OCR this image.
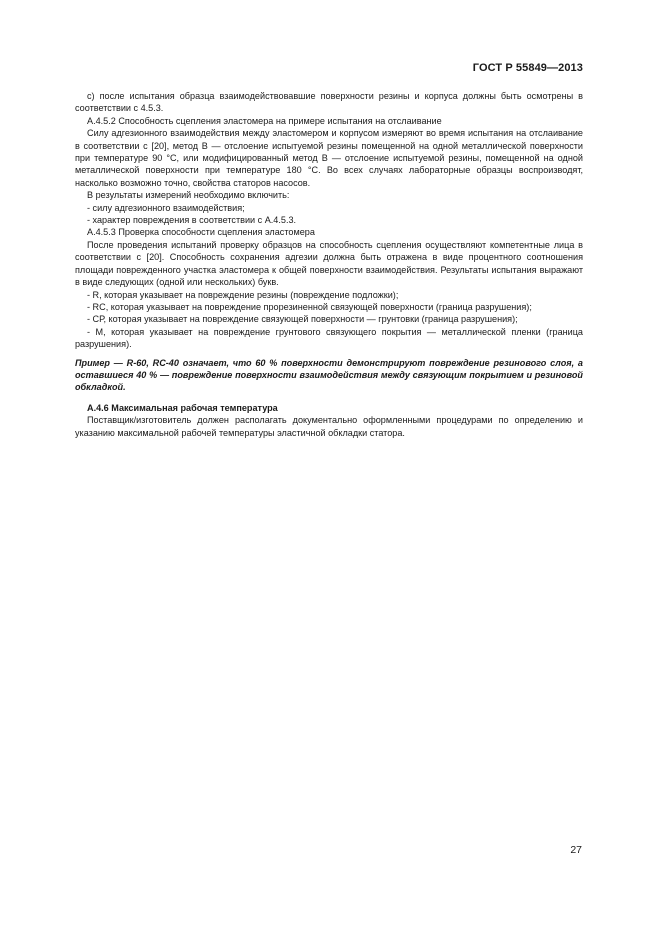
ГОСТ Р 55849—2013

с) после испытания образца взаимодействовавшие поверхности резины и корпуса должны быть осмотрены в соответствии с 4.5.3.

А.4.5.2 Способность сцепления эластомера на примере испытания на отслаивание

Силу адгезионного взаимодействия между эластомером и корпусом измеряют во время испытания на отслаивание в соответствии с [20], метод В — отслоение испытуемой резины помещенной на одной металлической поверхности при температуре 90 °С, или модифицированный метод В — отслоение испытуемой резины, помещенной на одной металлической поверхности при температуре 180 °С. Во всех случаях лабораторные образцы воспроизводят, насколько возможно точно, свойства статоров насосов.

В результаты измерений необходимо включить:

- силу адгезионного взаимодействия;

- характер повреждения в соответствии с А.4.5.3.

А.4.5.3 Проверка способности сцепления эластомера

После проведения испытаний проверку образцов на способность сцепления осуществляют компетентные лица в соответствии с [20]. Способность сохранения адгезии должна быть отражена в виде процентного соотношения площади поврежденного участка эластомера к общей поверхности взаимодействия. Результаты испытания выражают в виде следующих (одной или нескольких) букв.

- R, которая указывает на повреждение резины (повреждение подложки);

- RC, которая указывает на повреждение прорезиненной связующей поверхности (граница разрушения);

- СР, которая указывает на повреждение связующей поверхности — грунтовки (граница разрушения);

- М, которая указывает на повреждение грунтового связующего покрытия — металлической пленки (граница разрушения).

Пример — R-60, RC-40 означает, что 60 % поверхности демонстрируют повреждение резинового слоя, а оставшиеся 40 % — повреждение поверхности взаимодействия между связующим покрытием и резиновой обкладкой.

А.4.6 Максимальная рабочая температура

Поставщик/изготовитель должен располагать документально оформленными процедурами по определению и указанию максимальной рабочей температуры эластичной обкладки статора.

27
